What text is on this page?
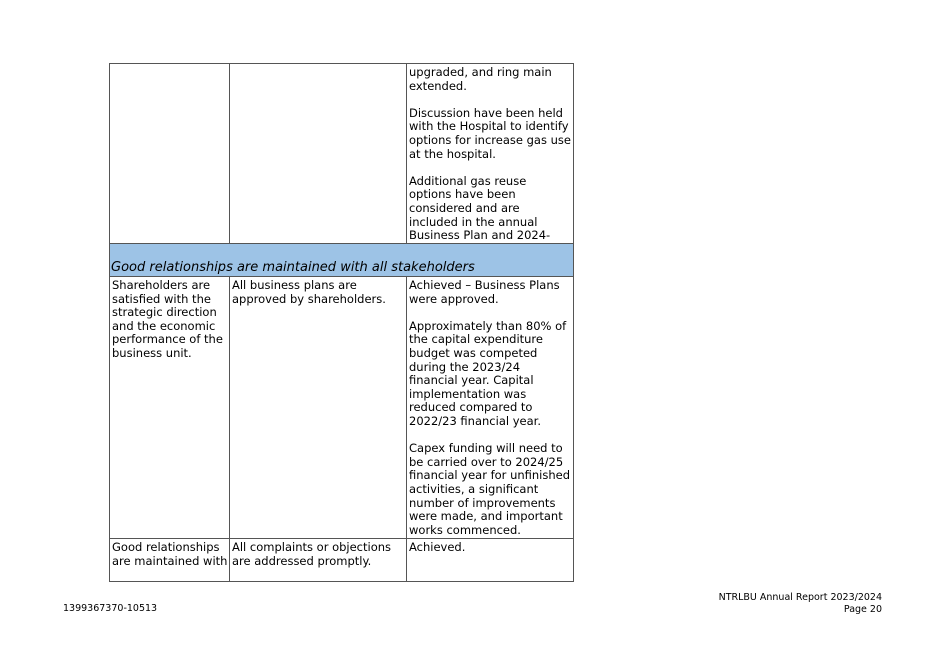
upgraded, and ring main extended.

Discussion have been held with the Hospital to identify options for increase gas use at the hospital.

Additional gas reuse options have been considered and are included in the annual Business Plan and 2024-
Good relationships are maintained with all stakeholders
Shareholders are satisfied with the strategic direction and the economic performance of the business unit.
All business plans are approved by shareholders.
Achieved – Business Plans were approved.

Approximately than 80% of the capital expenditure budget was competed during the 2023/24 financial year. Capital implementation was reduced compared to 2022/23 financial year.

Capex funding will need to be carried over to 2024/25 financial year for unfinished activities, a significant number of improvements were made, and important works commenced.
Good relationships are maintained with
All complaints or objections are addressed promptly.
Achieved.
1399367370-10513
NTRLBU Annual Report 2023/2024
Page 20
